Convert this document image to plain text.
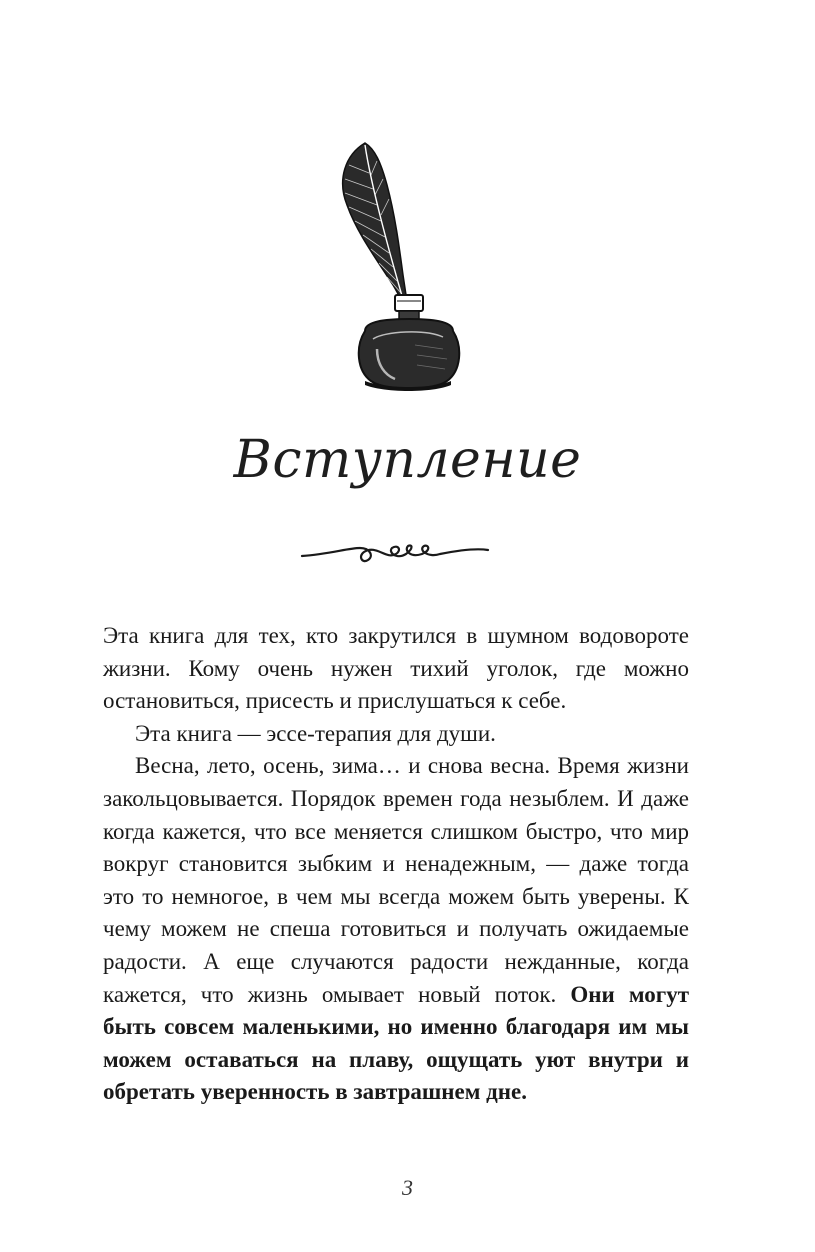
Вступление

Эта книга для тех, кто закрутился в шумном водовороте жизни. Кому очень нужен тихий уголок, где можно остановиться, присесть и прислушаться к себе.

Эта книга — эссе-терапия для души.

Весна, лето, осень, зима… и снова весна. Время жизни закольцовывается. Порядок времен года незыблем. И даже когда кажется, что все меняется слишком быстро, что мир вокруг становится зыбким и ненадежным, — даже тогда это то немногое, в чем мы всегда можем быть уверены. К чему можем не спеша готовиться и получать ожидаемые радости. А еще случаются радости нежданные, когда кажется, что жизнь омывает новый поток. Они могут быть совсем маленькими, но именно благодаря им мы можем оставаться на плаву, ощущать уют внутри и обретать уверенность в завтрашнем дне.

3
